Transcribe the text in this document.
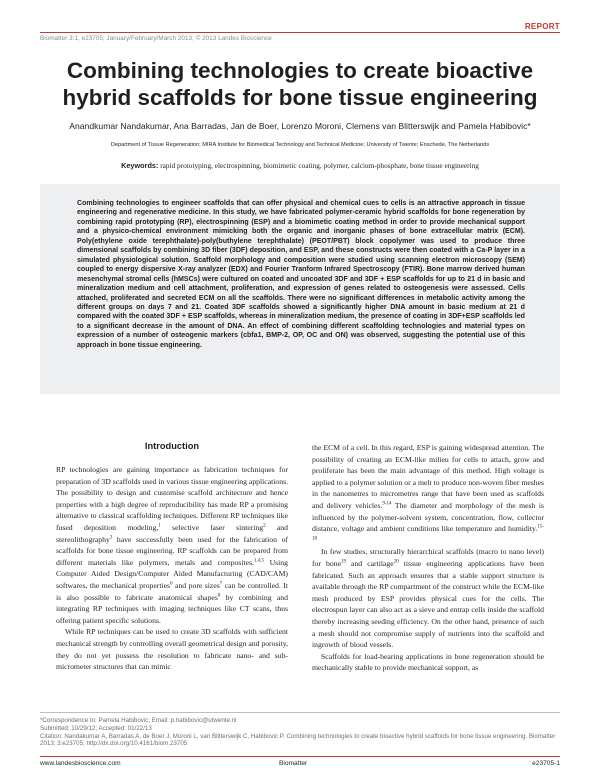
REPORT
Biomatter 3:1, e23705; January/February/March 2013; © 2013 Landes Bioscience
Combining technologies to create bioactive hybrid scaffolds for bone tissue engineering
Anandkumar Nandakumar, Ana Barradas, Jan de Boer, Lorenzo Moroni, Clemens van Blitterswijk and Pamela Habibovic*
Department of Tissue Regeneration; MIRA Institute for Biomedical Technology and Technical Medicine; University of Twente; Enschede, The Netherlands
Keywords: rapid prototyping, electrospinning, biomimetic coating, polymer, calcium-phosphate, bone tissue engineering

Combining technologies to engineer scaffolds that can offer physical and chemical cues to cells is an attractive approach in tissue engineering and regenerative medicine. In this study, we have fabricated polymer-ceramic hybrid scaffolds for bone regeneration by combining rapid prototyping (RP), electrospinning (ESP) and a biomimetic coating method in order to provide mechanical support and a physico-chemical environment mimicking both the organic and inorganic phases of bone extracellular matrix (ECM). Poly(ethylene oxide terephthalate)-poly(buthylene terephthalate) (PEOT/PBT) block copolymer was used to produce three dimensional scaffolds by combining 3D fiber (3DF) deposition, and ESP, and these constructs were then coated with a Ca-P layer in a simulated physiological solution. Scaffold morphology and composition were studied using scanning electron microscopy (SEM) coupled to energy dispersive X-ray analyzer (EDX) and Fourier Tranform Infrared Spectroscopy (FTIR). Bone marrow derived human mesenchymal stromal cells (hMSCs) were cultured on coated and uncoated 3DF and 3DF + ESP scaffolds for up to 21 d in basic and mineralization medium and cell attachment, proliferation, and expression of genes related to osteogenesis were assessed. Cells attached, proliferated and secreted ECM on all the scaffolds. There were no significant differences in metabolic activity among the different groups on days 7 and 21. Coated 3DF scaffolds showed a significantly higher DNA amount in basic medium at 21 d compared with the coated 3DF + ESP scaffolds, whereas in mineralization medium, the presence of coating in 3DF+ESP scaffolds led to a significant decrease in the amount of DNA. An effect of combining different scaffolding technologies and material types on expression of a number of osteogenic markers (cbfa1, BMP-2, OP, OC and ON) was observed, suggesting the potential use of this approach in bone tissue engineering.

Introduction

RP technologies are gaining importance as fabrication techniques for preparation of 3D scaffolds used in various tissue engineering applications. The possibility to design and customise scaffold architecture and hence properties with a high degree of reproducibility has made RP a promising alternative to classical scaffolding techniques. Different RP techniques like fused deposition modeling,$^1$ selective laser sintering$^2$ and stereolithography$^3$ have successfully been used for the fabrication of scaffolds for bone tissue engineering. RP scaffolds can be prepared from different materials like polymers, metals and composites.$^{1,4,5}$ Using Computer Aided Design/Computer Aided Manufacturing (CAD/CAM) softwares, the mechanical properties$^6$ and pore sizes$^7$ can be controlled. It is also possible to fabricate anatomical shapes$^8$ by combining and integrating RP techniques with imaging techniques like CT scans, thus offering patient specific solutions.

While RP techniques can be used to create 3D scaffolds with sufficient mechanical strength by controlling overall geometrical design and porosity, they do not yet possess the resolution to fabricate nano- and sub-micrometer structures that can mimic

the ECM of a cell. In this regard, ESP is gaining widespread attention. The possibility of creating an ECM-like milieu for cells to attach, grow and proliferate has been the main advantage of this method. High voltage is applied to a polymer solution or a melt to produce non-woven fiber meshes in the nanometres to micrometres range that have been used as scaffolds and delivery vehicles.$^{9-14}$ The diameter and morphology of the mesh is influenced by the polymer-solvent system, concentration, flow, collector distance, voltage and ambient conditions like temperature and humidity.$^{15-18}$

In few studies, structurally hierarchical scaffolds (macro to nano level) for bone$^{19}$ and cartilage$^{20}$ tissue engineering applications have been fabricated. Such an approach ensures that a stable support structure is available through the RP compartment of the construct while the ECM-like mesh produced by ESP provides physical cues for the cells. The electrospun layer can also act as a sieve and entrap cells inside the scaffold thereby increasing seeding efficiency. On the other hand, presence of such a mesh should not compromise supply of nutrients into the scaffold and ingrowth of blood vessels.

Scaffolds for load-bearing applications in bone regeneration should be mechanically stable to provide mechanical support, as

*Correspondence to: Pamela Habibovic; Email: p.habibovic@utwente.nl
Submitted: 10/29/12; Accepted: 01/22/13
Citation: Nandakumar A, Barradas A, de Boer J, Moroni L, van Blitterswijk C, Habibovic P. Combining technologies to create bioactive hybrid scaffolds for bone tissue engineering. Biomatter 2013; 3:e23705; http://dx.doi.org/10.4161/biom.23705
www.landesbioscience.com	Biomatter	e23705-1
